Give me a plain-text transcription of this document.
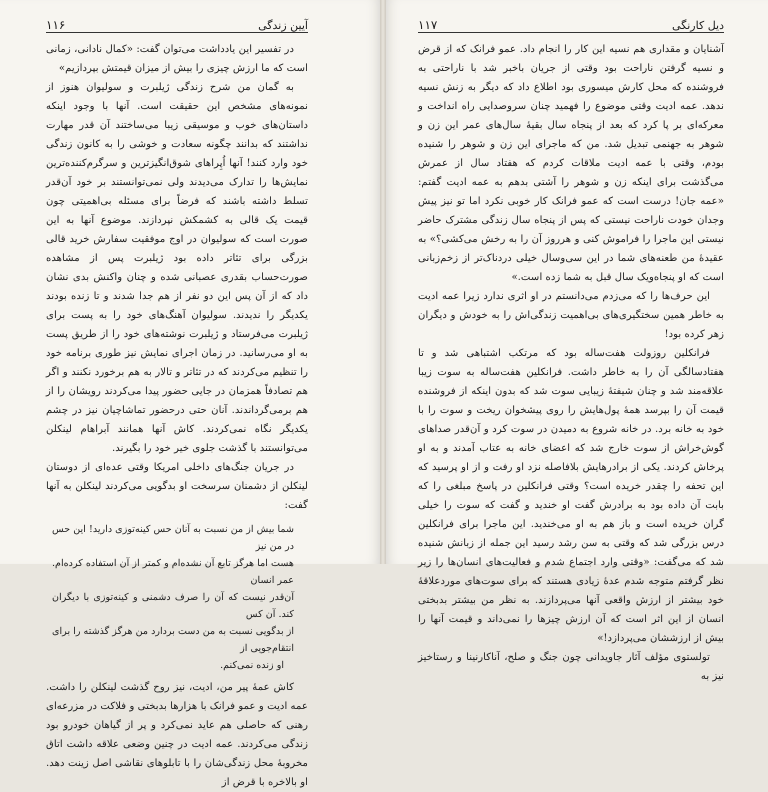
۱۱۶	آیین زندگی

در تفسیر این یادداشت می‌توان گفت: «کمال نادانی، زمانی است که ما ارزش چیزی را بیش از میزان قیمتش بپردازیم»

به گمان من شرح زندگی ژیلبرت و سولیوان هنوز از نمونه‌های مشخص این حقیقت است. آنها با وجود اینکه داستان‌های خوب و موسیقی زیبا می‌ساختند آن قدر مهارت نداشتند که بدانند چگونه سعادت و خوشی را به کانون زندگی خود وارد کنند! آنها اُپِراهای شوق‌انگیزترین و سرگرم‌کننده‌ترین نمایش‌ها را تدارک می‌دیدند ولی نمی‌توانستند بر خود آن‌قدر تسلط داشته باشند که فرضاً برای مسئله بی‌اهمیتی چون قیمت یک قالی به کشمکش نپردازند. موضوع آنها به این صورت است که سولیوان در اوج موفقیت سفارش خرید قالی بزرگی برای تئاتر داده بود ژیلبرت پس از مشاهده صورت‌حساب بقدری عصبانی شده و چنان واکنش بدی نشان داد که از آن پس این دو نفر از هم جدا شدند و تا زنده بودند یکدیگر را ندیدند. سولیوان آهنگ‌های خود را به پست برای ژیلبرت می‌فرستاد و ژیلبرت نوشته‌های خود را از طریق پست به او می‌رسانید. در زمان اجرای نمایش نیز طوری برنامه خود را تنظیم می‌کردند که در تئاتر و تالار به هم برخورد نکنند و اگر هم تصادفاً همزمان در جایی حضور پیدا می‌کردند رویشان را از هم برمی‌گرداندند. آنان حتی درحضور تماشاچیان نیز در چشم یکدیگر نگاه نمی‌کردند. کاش آنها همانند آبراهام لینکلن می‌توانستند با گذشت جلوی خیر خود را بگیرند.

در جریان جنگ‌های داخلی امریکا وقتی عده‌ای از دوستان لینکلن از دشمنان سرسخت او بدگویی می‌کردند لینکلن به آنها گفت:

شما بیش از من نسبت به آنان حس کینه‌توزی دارید! این حس در من نیز
هست اما هرگز تابع آن نشده‌ام و کمتر از آن استفاده کرده‌ام. عمر انسان
آن‌قدر نیست که آن را صرف دشمنی و کینه‌توزی با دیگران کند. آن کس
از بدگویی نسبت به من دست بردارد من هرگز گذشته را برای انتقام‌جویی از
او زنده نمی‌کنم.

کاش عمهٔ پیر من، ادیت، نیز روح گذشت لینکلن را داشت. عمه ادیت و عمو فرانک با هزارها بدبختی و فلاکت در مزرعه‌ای رهنی که حاصلی هم عاید نمی‌کرد و پر از گیاهان خودرو بود زندگی می‌کردند. عمه ادیت در چنین وضعی علاقه داشت اتاق مخروبهٔ محل زندگی‌شان را با تابلوهای نقاشی اصل زینت دهد. او بالاخره با قرض از

۱۱۷	دیل کارنگی

آشنایان و مقداری هم نسیه این کار را انجام داد. عمو فرانک که از قرض و نسیه گرفتن ناراحت بود وقتی از جریان باخبر شد با ناراحتی به فروشنده که محل کارش میسوری بود اطلاع داد که دیگر به زنش نسیه ندهد. عمه ادیت وقتی موضوع را فهمید چنان سروصدایی راه انداخت و معرکه‌ای بر پا کرد که بعد از پنجاه سال بقیهٔ سال‌های عمر این زن و شوهر به جهنمی تبدیل شد. من که ماجرای این زن و شوهر را شنیده بودم، وقتی با عمه ادیت ملاقات کردم که هفتاد سال از عمرش می‌گذشت برای اینکه زن و شوهر را آشتی بدهم به عمه ادیت گفتم: «عمه جان! درست است که عمو فرانک کار خوبی نکرد اما تو نیز پیش وجدان خودت ناراحت نیستی که پس از پنجاه سال زندگی مشترک حاضر نیستی این ماجرا را فراموش کنی و هرروز آن را به رخش می‌کشی؟» به عقیدهٔ من طعنه‌های شما در این سی‌وسال خیلی دردناک‌تر از زخم‌زبانی است که او پنجاه‌ویک سال قبل به شما زده است.»

این حرف‌ها را که می‌زدم می‌دانستم در او اثری ندارد زیرا عمه ادیت به خاطر همین سختگیری‌های بی‌اهمیت زندگی‌اش را به خودش و دیگران زهر کرده بود!

فرانکلین روزولت هفت‌ساله بود که مرتکب اشتباهی شد و تا هفتادسالگی آن را به خاطر داشت. فرانکلین هفت‌ساله به سوت زیبا علاقه‌مند شد و چنان شیفتهٔ زیبایی سوت شد که بدون اینکه از فروشنده قیمت آن را بپرسد همهٔ پول‌هایش را روی پیشخوان ریخت و سوت را با خود به خانه برد. در خانه شروع به دمیدن در سوت کرد و آن‌قدر صداهای گوش‌خراش از سوت خارج شد که اعضای خانه به عتاب آمدند و به او پرخاش کردند. یکی از برادرهایش بلافاصله نزد او رفت و از او پرسید که این تحفه را چقدر خریده است؟ وقتی فرانکلین در پاسخ مبلغی را که بابت آن داده بود به برادرش گفت او خندید و گفت که سوت را خیلی گران خریده است و باز هم به او می‌خندید. این ماجرا برای فرانکلین درس بزرگی شد که وقتی به سن رشد رسید این جمله از زبانش شنیده شد که می‌گفت: «وقتی وارد اجتماع شدم و فعالیت‌های انسان‌ها را زیر نظر گرفتم متوجه شدم عدهٔ زیادی هستند که برای سوت‌های موردعلاقهٔ خود بیشتر از ارزش واقعی آنها می‌پردازند. به نظر من بیشتر بدبختی انسان از این اثر است که آن ارزش چیزها را نمی‌داند و قیمت آنها را بیش از ارزششان می‌پردازد!»

تولستوی مؤلف آثار جاویدانی چون جنگ و صلح، آناکارنینا و رستاخیز نیز به
